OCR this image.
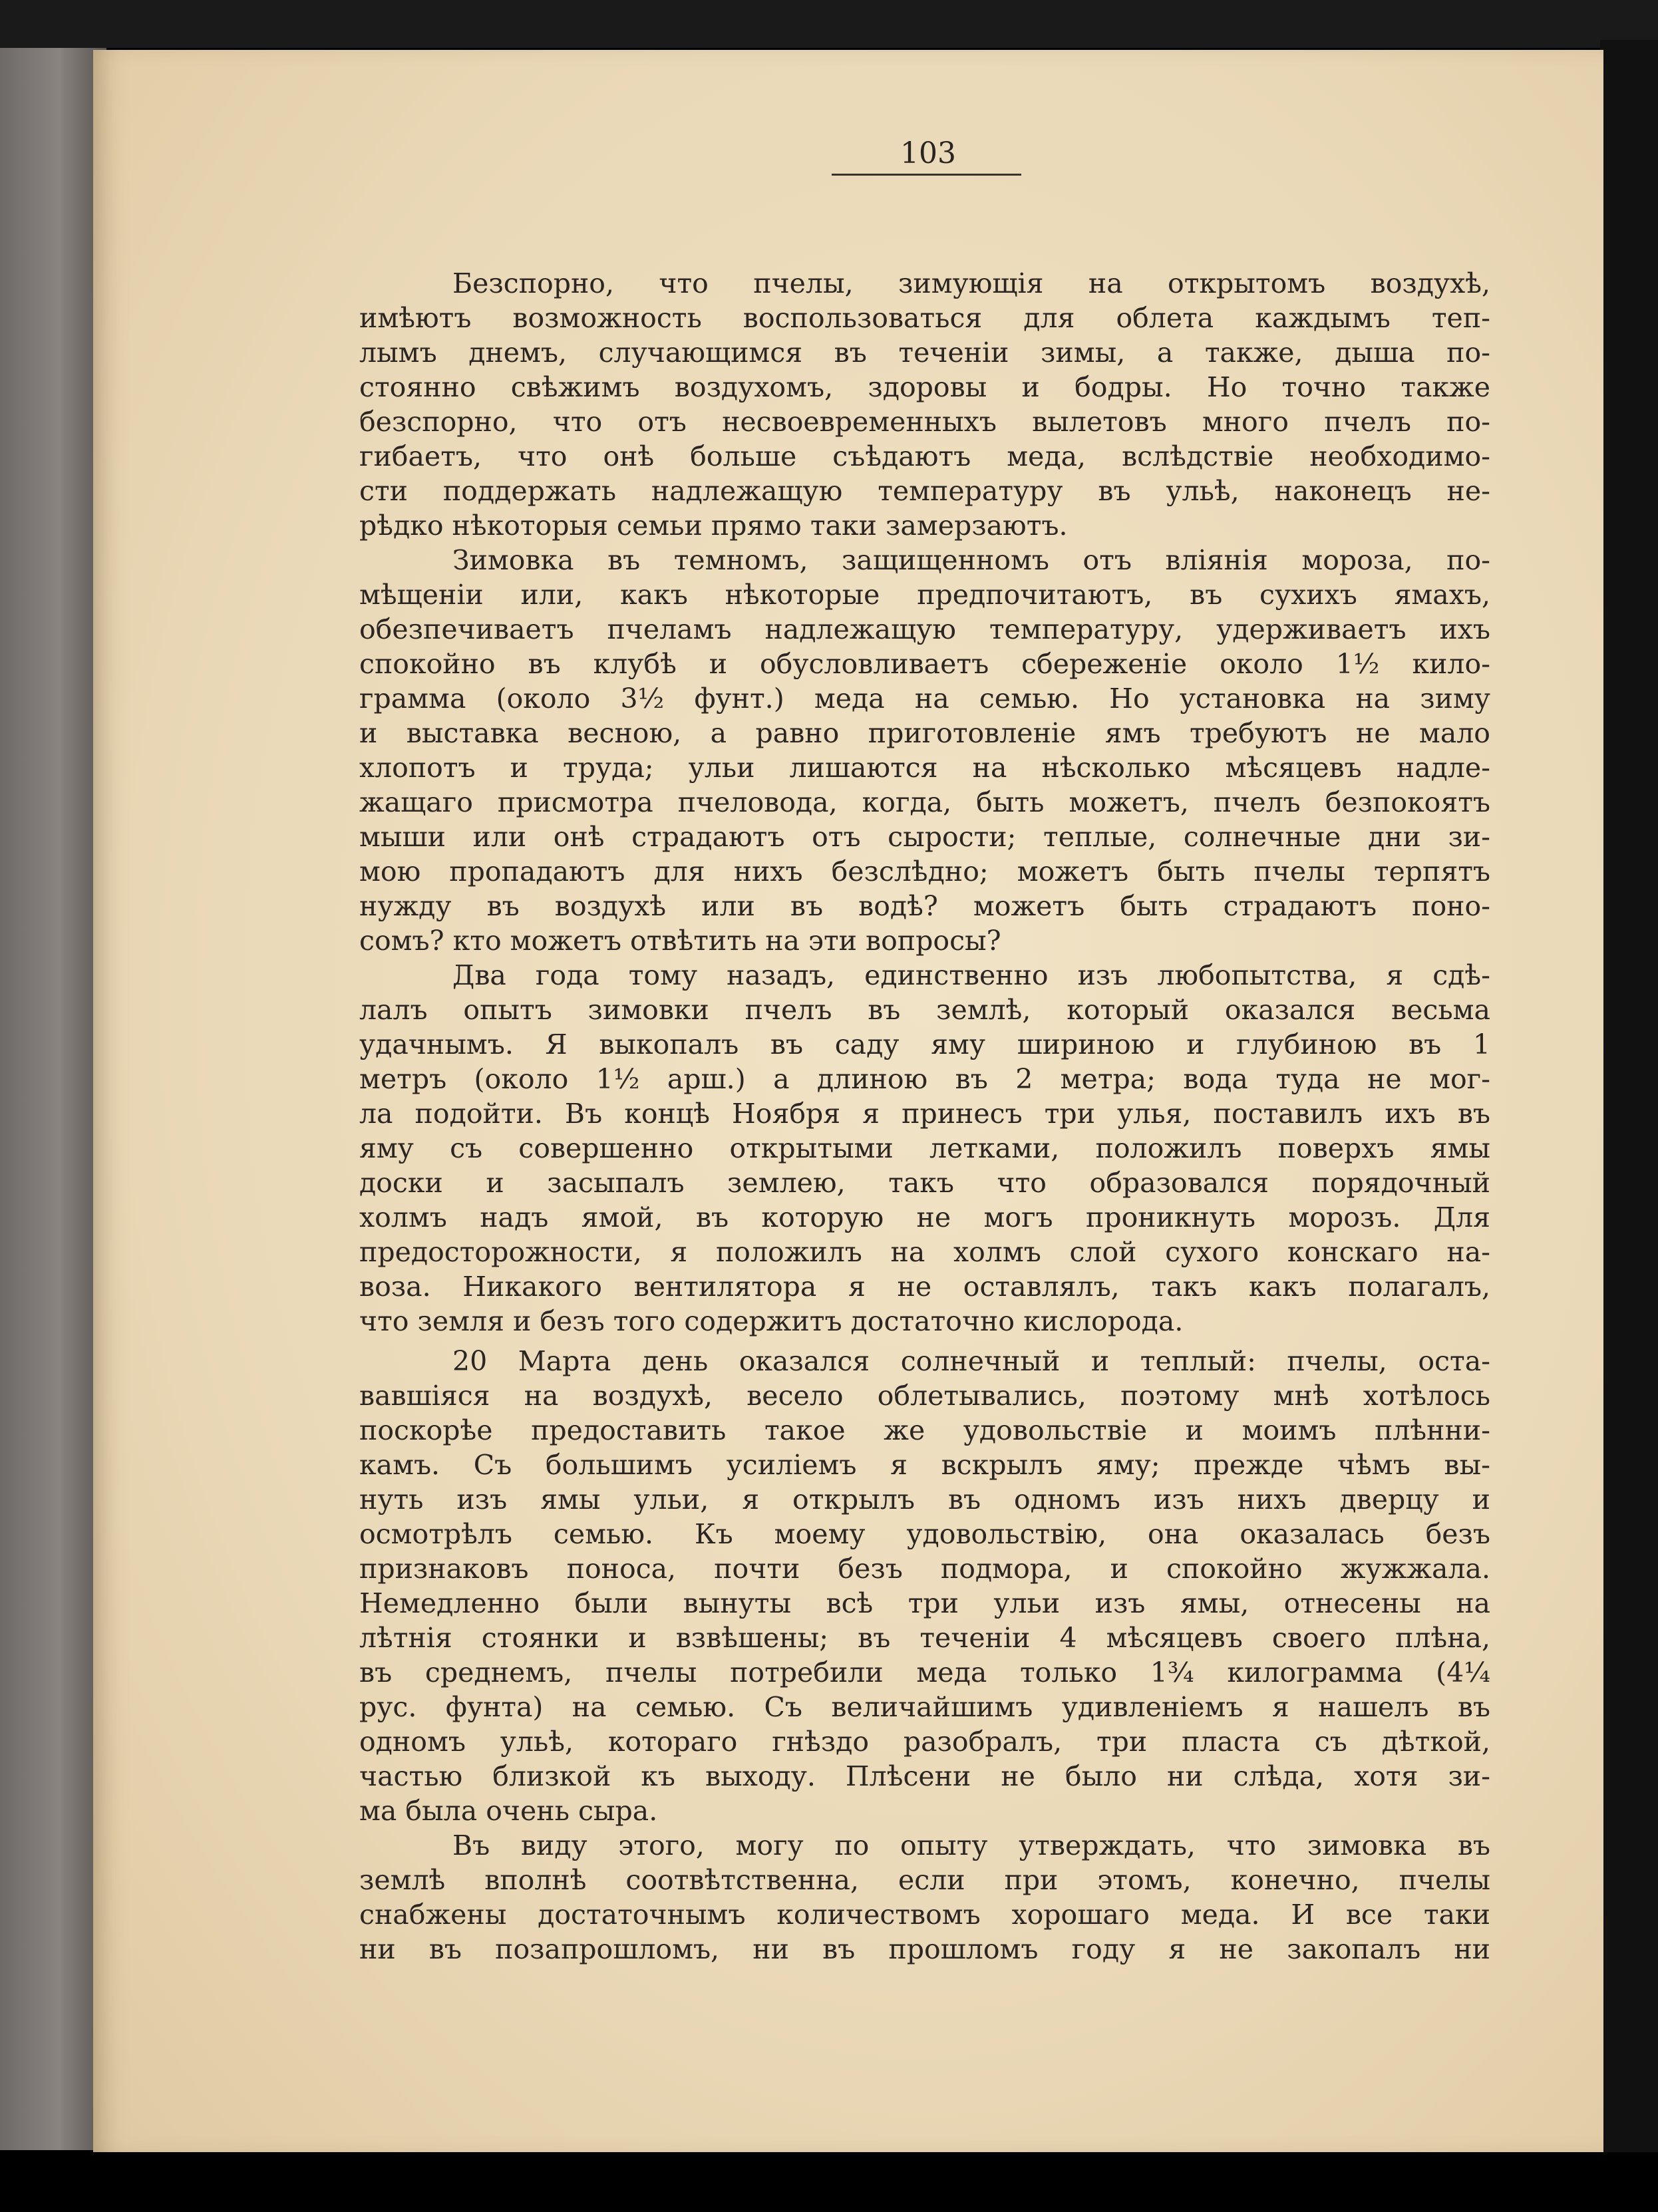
103
Безспорно, что пчелы, зимующія на открытомъ воздухѣ,
имѣютъ возможность воспользоваться для облета каждымъ теп-
лымъ днемъ, случающимся въ теченіи зимы, а также, дыша по-
стоянно свѣжимъ воздухомъ, здоровы и бодры. Но точно также
безспорно, что отъ несвоевременныхъ вылетовъ много пчелъ по-
гибаетъ, что онѣ больше съѣдаютъ меда, вслѣдствіе необходимо-
сти поддержать надлежащую температуру въ ульѣ, наконецъ не-
рѣдко нѣкоторыя семьи прямо таки замерзаютъ.
Зимовка въ темномъ, защищенномъ отъ вліянія мороза, по-
мѣщеніи или, какъ нѣкоторые предпочитаютъ, въ сухихъ ямахъ,
обезпечиваетъ пчеламъ надлежащую температуру, удерживаетъ ихъ
спокойно въ клубѣ и обусловливаетъ сбереженіе около 1½ кило-
грамма (около 3½ фунт.) меда на семью. Но установка на зиму
и выставка весною, а равно приготовленіе ямъ требуютъ не мало
хлопотъ и труда; ульи лишаются на нѣсколько мѣсяцевъ надле-
жащаго присмотра пчеловода, когда, быть можетъ, пчелъ безпокоятъ
мыши или онѣ страдаютъ отъ сырости; теплые, солнечные дни зи-
мою пропадаютъ для нихъ безслѣдно; можетъ быть пчелы терпятъ
нужду въ воздухѣ или въ водѣ? можетъ быть страдаютъ поно-
сомъ? кто можетъ отвѣтить на эти вопросы?
Два года тому назадъ, единственно изъ любопытства, я сдѣ-
лалъ опытъ зимовки пчелъ въ землѣ, который оказался весьма
удачнымъ. Я выкопалъ въ саду яму шириною и глубиною въ 1
метръ (около 1½ арш.) а длиною въ 2 метра; вода туда не мог-
ла подойти. Въ концѣ Ноября я принесъ три улья, поставилъ ихъ въ
яму съ совершенно открытыми летками, положилъ поверхъ ямы
доски и засыпалъ землею, такъ что образовался порядочный
холмъ надъ ямой, въ которую не могъ проникнуть морозъ. Для
предосторожности, я положилъ на холмъ слой сухого конскаго на-
воза. Никакого вентилятора я не оставлялъ, такъ какъ полагалъ,
что земля и безъ того содержитъ достаточно кислорода.
20 Марта день оказался солнечный и теплый: пчелы, оста-
вавшіяся на воздухѣ, весело облетывались, поэтому мнѣ хотѣлось
поскорѣе предоставить такое же удовольствіе и моимъ плѣнни-
камъ. Съ большимъ усиліемъ я вскрылъ яму; прежде чѣмъ вы-
нуть изъ ямы ульи, я открылъ въ одномъ изъ нихъ дверцу и
осмотрѣлъ семью. Къ моему удовольствію, она оказалась безъ
признаковъ поноса, почти безъ подмора, и спокойно жужжала.
Немедленно были вынуты всѣ три ульи изъ ямы, отнесены на
лѣтнія стоянки и взвѣшены; въ теченіи 4 мѣсяцевъ своего плѣна,
въ среднемъ, пчелы потребили меда только 1¾ килограмма (4¼
рус. фунта) на семью. Съ величайшимъ удивленіемъ я нашелъ въ
одномъ ульѣ, котораго гнѣздо разобралъ, три пласта съ дѣткой,
частью близкой къ выходу. Плѣсени не было ни слѣда, хотя зи-
ма была очень сыра.
Въ виду этого, могу по опыту утверждать, что зимовка въ
землѣ вполнѣ соотвѣтственна, если при этомъ, конечно, пчелы
снабжены достаточнымъ количествомъ хорошаго меда. И все таки
ни въ позапрошломъ, ни въ прошломъ году я не закопалъ ни
